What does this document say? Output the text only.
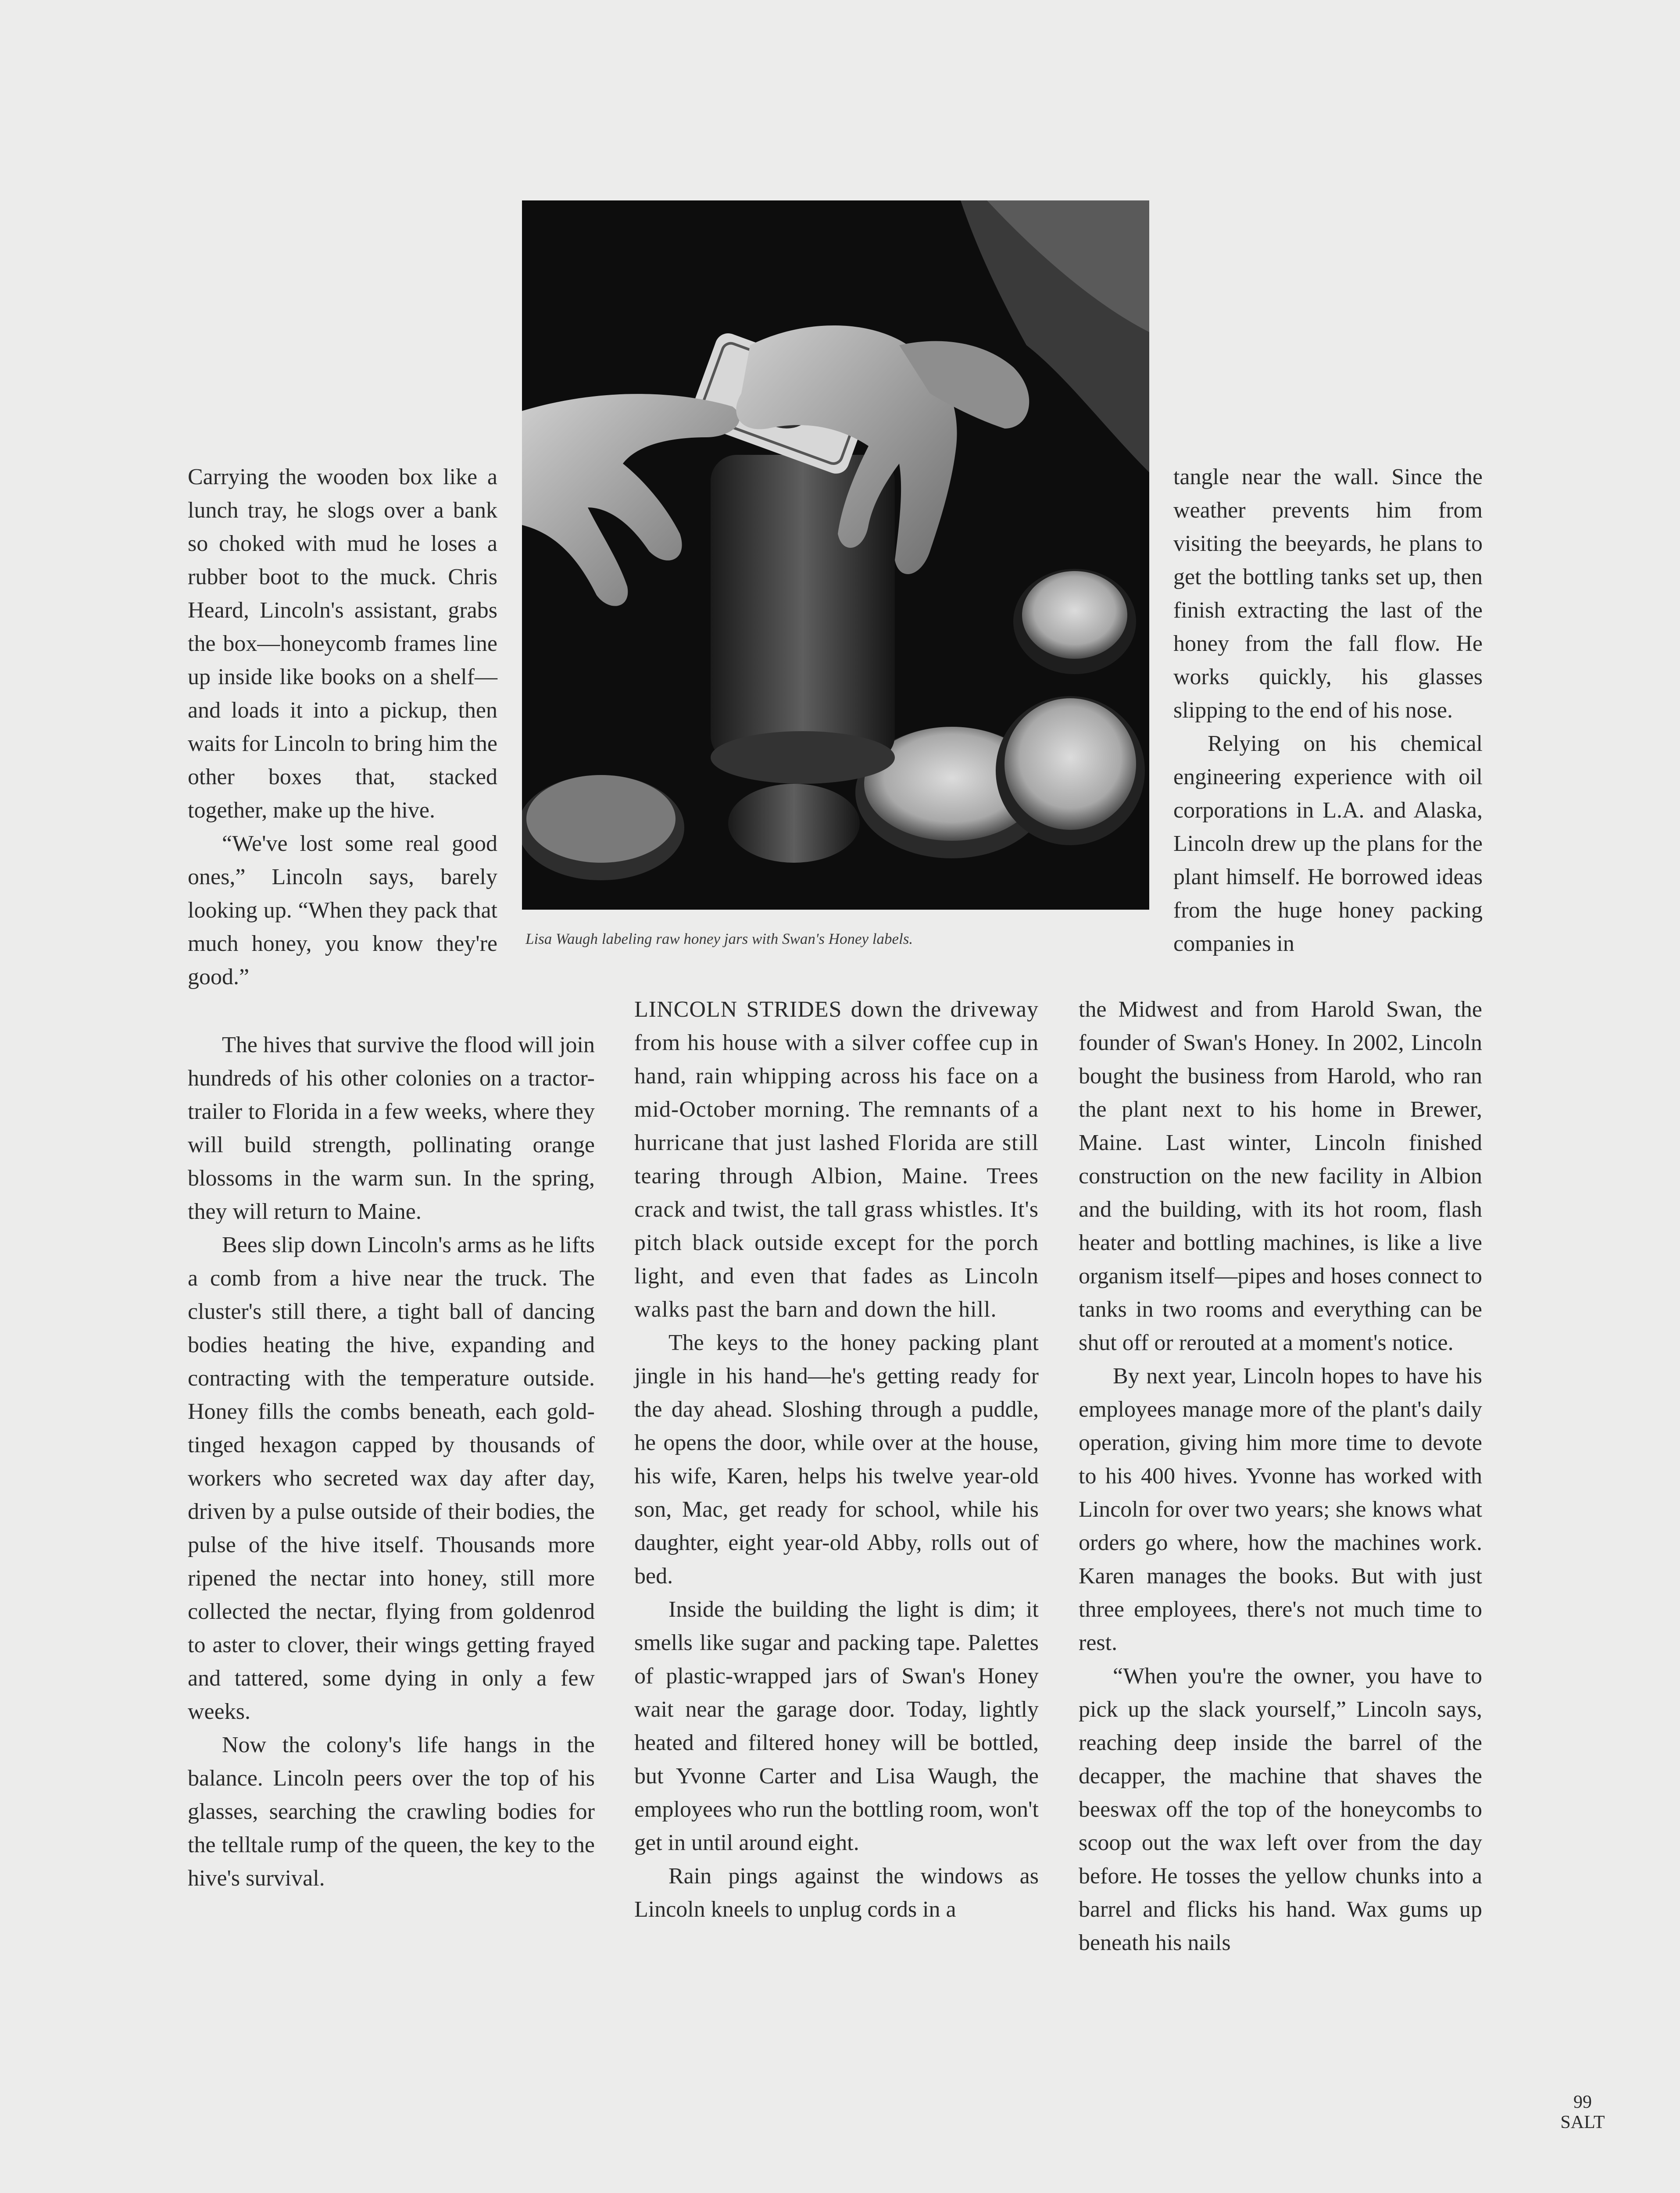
Lisa Waugh labeling raw honey jars with Swan's Honey labels.

Carrying the wooden box like a lunch tray, he slogs over a bank so choked with mud he loses a rubber boot to the muck. Chris Heard, Lincoln's assistant, grabs the box—honeycomb frames line up inside like books on a shelf—and loads it into a pickup, then waits for Lincoln to bring him the other boxes that, stacked together, make up the hive.

“We've lost some real good ones,” Lincoln says, barely looking up. “When they pack that much honey, you know they're good.”

The hives that survive the flood will join hundreds of his other colonies on a tractor-trailer to Florida in a few weeks, where they will build strength, pollinating orange blossoms in the warm sun. In the spring, they will return to Maine.

Bees slip down Lincoln's arms as he lifts a comb from a hive near the truck. The cluster's still there, a tight ball of dancing bodies heating the hive, expanding and contracting with the temperature outside. Honey fills the combs beneath, each gold-tinged hexagon capped by thousands of workers who secreted wax day after day, driven by a pulse outside of their bodies, the pulse of the hive itself. Thousands more ripened the nectar into honey, still more collected the nectar, flying from goldenrod to aster to clover, their wings getting frayed and tattered, some dying in only a few weeks.

Now the colony's life hangs in the balance. Lincoln peers over the top of his glasses, searching the crawling bodies for the telltale rump of the queen, the key to the hive's survival.

LINCOLN STRIDES down the driveway from his house with a silver coffee cup in hand, rain whipping across his face on a mid-October morning. The remnants of a hurricane that just lashed Florida are still tearing through Albion, Maine. Trees crack and twist, the tall grass whistles. It's pitch black outside except for the porch light, and even that fades as Lincoln walks past the barn and down the hill.

The keys to the honey packing plant jingle in his hand—he's getting ready for the day ahead. Sloshing through a puddle, he opens the door, while over at the house, his wife, Karen, helps his twelve year-old son, Mac, get ready for school, while his daughter, eight year-old Abby, rolls out of bed.

Inside the building the light is dim; it smells like sugar and packing tape. Palettes of plastic-wrapped jars of Swan's Honey wait near the garage door. Today, lightly heated and filtered honey will be bottled, but Yvonne Carter and Lisa Waugh, the employees who run the bottling room, won't get in until around eight.

Rain pings against the windows as Lincoln kneels to unplug cords in a

tangle near the wall. Since the weather prevents him from visiting the beeyards, he plans to get the bottling tanks set up, then finish extracting the last of the honey from the fall flow. He works quickly, his glasses slipping to the end of his nose.

Relying on his chemical engineering experience with oil corporations in L.A. and Alaska, Lincoln drew up the plans for the plant himself. He borrowed ideas from the huge honey packing companies in

the Midwest and from Harold Swan, the founder of Swan's Honey. In 2002, Lincoln bought the business from Harold, who ran the plant next to his home in Brewer, Maine. Last winter, Lincoln finished construction on the new facility in Albion and the building, with its hot room, flash heater and bottling machines, is like a live organism itself—pipes and hoses connect to tanks in two rooms and everything can be shut off or rerouted at a moment's notice.

By next year, Lincoln hopes to have his employees manage more of the plant's daily operation, giving him more time to devote to his 400 hives. Yvonne has worked with Lincoln for over two years; she knows what orders go where, how the machines work. Karen manages the books. But with just three employees, there's not much time to rest.

“When you're the owner, you have to pick up the slack yourself,” Lincoln says, reaching deep inside the barrel of the decapper, the machine that shaves the beeswax off the top of the honeycombs to scoop out the wax left over from the day before. He tosses the yellow chunks into a barrel and flicks his hand. Wax gums up beneath his nails

99
SALT
